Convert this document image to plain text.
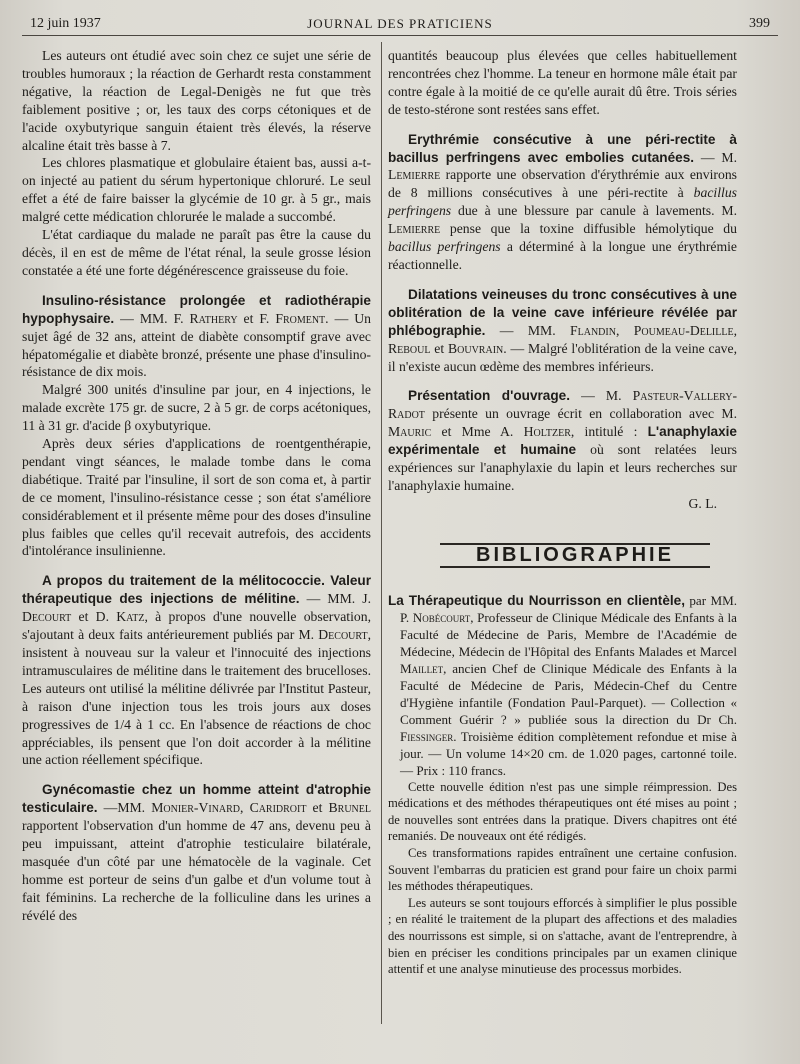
12 juin 1937	JOURNAL DES PRATICIENS	399

Les auteurs ont étudié avec soin chez ce sujet une série de troubles humoraux ; la réaction de Gerhardt resta constamment négative, la réaction de Legal-Denigès ne fut que très faiblement positive ; or, les taux des corps cétoniques et de l'acide oxybutyrique sanguin étaient très élevés, la réserve alcaline était très basse à 7.

Les chlores plasmatique et globulaire étaient bas, aussi a-t-on injecté au patient du sérum hypertonique chloruré. Le seul effet a été de faire baisser la glycémie de 10 gr. à 5 gr., mais malgré cette médication chlorurée le malade a succombé.

L'état cardiaque du malade ne paraît pas être la cause du décès, il en est de même de l'état rénal, la seule grosse lésion constatée a été une forte dégénérescence graisseuse du foie.

Insulino-résistance prolongée et radiothérapie hypophysaire. — MM. F. Rathery et F. Froment. — Un sujet âgé de 32 ans, atteint de diabète consomptif grave avec hépatomégalie et diabète bronzé, présente une phase d'insulino-résistance de dix mois.

Malgré 300 unités d'insuline par jour, en 4 injections, le malade excrète 175 gr. de sucre, 2 à 5 gr. de corps acétoniques, 11 à 31 gr. d'acide β oxybutyrique.

Après deux séries d'applications de roentgenthérapie, pendant vingt séances, le malade tombe dans le coma diabétique. Traité par l'insuline, il sort de son coma et, à partir de ce moment, l'insulino-résistance cesse ; son état s'améliore considérablement et il présente même pour des doses d'insuline plus faibles que celles qu'il recevait autrefois, des accidents d'intolérance insulinienne.

A propos du traitement de la mélitococcie. Valeur thérapeutique des injections de mélitine. — MM. J. Decourt et D. Katz, à propos d'une nouvelle observation, s'ajoutant à deux faits antérieurement publiés par M. Decourt, insistent à nouveau sur la valeur et l'innocuité des injections intramusculaires de mélitine dans le traitement des brucelloses. Les auteurs ont utilisé la mélitine délivrée par l'Institut Pasteur, à raison d'une injection tous les trois jours aux doses progressives de 1/4 à 1 cc. En l'absence de réactions de choc appréciables, ils pensent que l'on doit accorder à la mélitine une action réellement spécifique.

Gynécomastie chez un homme atteint d'atrophie testiculaire. —MM. Monier-Vinard, Caridroit et Brunel rapportent l'observation d'un homme de 47 ans, devenu peu à peu impuissant, atteint d'atrophie testiculaire bilatérale, masquée d'un côté par une hématocèle de la vaginale. Cet homme est porteur de seins d'un galbe et d'un volume tout à fait féminins. La recherche de la folliculine dans les urines a révélé des

quantités beaucoup plus élevées que celles habituellement rencontrées chez l'homme. La teneur en hormone mâle était par contre égale à la moitié de ce qu'elle aurait dû être. Trois séries de testo-stérone sont restées sans effet.

Erythrémie consécutive à une péri-rectite à bacillus perfringens avec embolies cutanées. — M. Lemierre rapporte une observation d'érythrémie aux environs de 8 millions consécutives à une péri-rectite à bacillus perfringens due à une blessure par canule à lavements. M. Lemierre pense que la toxine diffusible hémolytique du bacillus perfringens a déterminé à la longue une érythrémie réactionnelle.

Dilatations veineuses du tronc consécutives à une oblitération de la veine cave inférieure révélée par phlébographie. — MM. Flandin, Poumeau-Delille, Reboul et Bouvrain. — Malgré l'oblitération de la veine cave, il n'existe aucun œdème des membres inférieurs.

Présentation d'ouvrage. — M. Pasteur-Vallery-Radot présente un ouvrage écrit en collaboration avec M. Mauric et Mme A. Holtzer, intitulé : L'anaphylaxie expérimentale et humaine où sont relatées leurs expériences sur l'anaphylaxie du lapin et leurs recherches sur l'anaphylaxie humaine.

G. L.

BIBLIOGRAPHIE

La Thérapeutique du Nourrisson en clientèle, par MM. P. Nobécourt, Professeur de Clinique Médicale des Enfants à la Faculté de Médecine de Paris, Membre de l'Académie de Médecine, Médecin de l'Hôpital des Enfants Malades et Marcel Maillet, ancien Chef de Clinique Médicale des Enfants à la Faculté de Médecine de Paris, Médecin-Chef du Centre d'Hygiène infantile (Fondation Paul-Parquet). — Collection « Comment Guérir ? » publiée sous la direction du Dr Ch. Fiessinger. Troisième édition complètement refondue et mise à jour. — Un volume 14×20 cm. de 1.020 pages, cartonné toile. — Prix : 110 francs.

Cette nouvelle édition n'est pas une simple réimpression. Des médications et des méthodes thérapeutiques ont été mises au point ; de nouvelles sont entrées dans la pratique. Divers chapitres ont été remaniés. De nouveaux ont été rédigés.

Ces transformations rapides entraînent une certaine confusion. Souvent l'embarras du praticien est grand pour faire un choix parmi les méthodes thérapeutiques.

Les auteurs se sont toujours efforcés à simplifier le plus possible ; en réalité le traitement de la plupart des affections et des maladies des nourrissons est simple, si on s'attache, avant de l'entreprendre, à bien en préciser les conditions principales par un examen clinique attentif et une analyse minutieuse des processus morbides.
